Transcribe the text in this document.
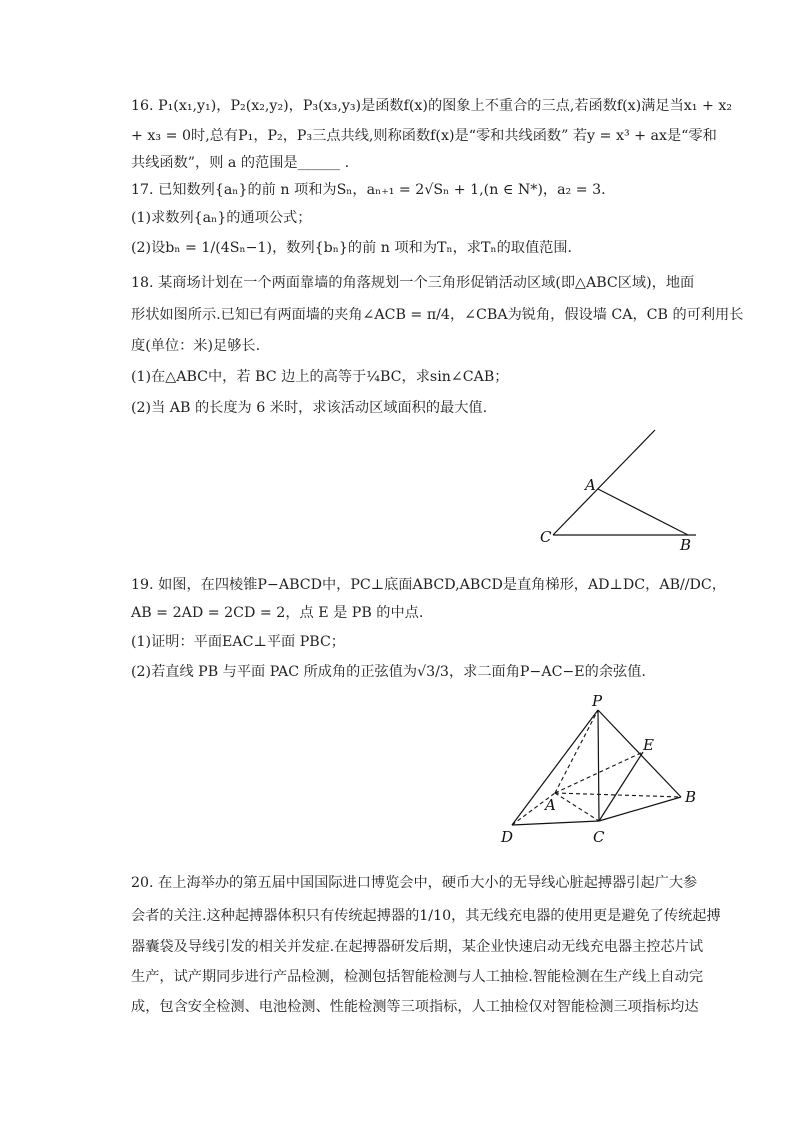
16. P₁(x₁,y₁)，P₂(x₂,y₂)，P₃(x₃,y₃)是函数f(x)的图象上不重合的三点,若函数f(x)满足当x₁ + x₂
+ x₃ = 0时,总有P₁，P₂，P₃三点共线,则称函数f(x)是“零和共线函数” 若y = x³ + ax是“零和
共线函数”，则 a 的范围是______ .
17. 已知数列{aₙ}的前 n 项和为Sₙ，aₙ₊₁ = 2√Sₙ + 1,(n ∈ N*)，a₂ = 3.
(1)求数列{aₙ}的通项公式；
(2)设bₙ = 1/(4Sₙ−1)，数列{bₙ}的前 n 项和为Tₙ，求Tₙ的取值范围.
18. 某商场计划在一个两面靠墙的角落规划一个三角形促销活动区域(即△ABC区域)，地面
形状如图所示.已知已有两面墙的夹角∠ACB = π/4，∠CBA为锐角，假设墙 CA，CB 的可利用长
度(单位：米)足够长.
(1)在△ABC中，若 BC 边上的高等于¼BC，求sin∠CAB；
(2)当 AB 的长度为 6 米时，求该活动区域面积的最大值.
A
B
C
19. 如图，在四棱锥P−ABCD中，PC⊥底面ABCD,ABCD是直角梯形，AD⊥DC，AB//DC，
AB = 2AD = 2CD = 2，点 E 是 PB 的中点.
(1)证明：平面EAC⊥平面 PBC；
(2)若直线 PB 与平面 PAC 所成角的正弦值为√3/3，求二面角P−AC−E的余弦值.
P
E
A	B
C
D
20. 在上海举办的第五届中国国际进口博览会中，硬币大小的无导线心脏起搏器引起广大参
会者的关注.这种起搏器体积只有传统起搏器的1/10，其无线充电器的使用更是避免了传统起搏
器囊袋及导线引发的相关并发症.在起搏器研发后期，某企业快速启动无线充电器主控芯片试
生产，试产期同步进行产品检测，检测包括智能检测与人工抽检.智能检测在生产线上自动完
成，包含安全检测、电池检测、性能检测等三项指标，人工抽检仅对智能检测三项指标均达
